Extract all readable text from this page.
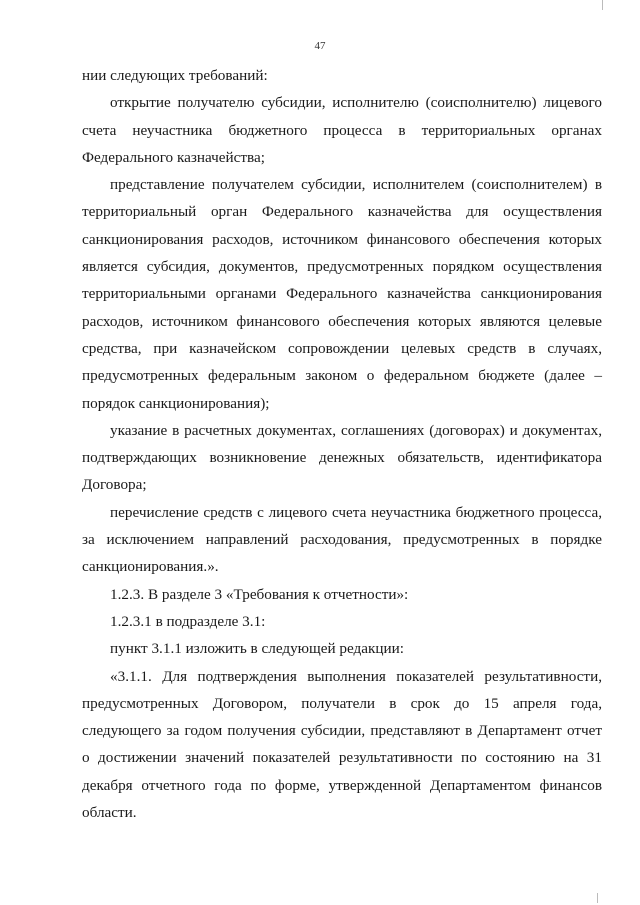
47

нии следующих требований:

открытие получателю субсидии, исполнителю (соисполнителю) лицевого счета неучастника бюджетного процесса в территориальных органах Федерального казначейства;

представление получателем субсидии, исполнителем (соисполнителем) в территориальный орган Федерального казначейства для осуществления санкционирования расходов, источником финансового обеспечения которых является субсидия, документов, предусмотренных порядком осуществления территориальными органами Федерального казначейства санкционирования расходов, источником финансового обеспечения которых являются целевые средства, при казначейском сопровождении целевых средств в случаях, предусмотренных федеральным законом о федеральном бюджете (далее – порядок санкционирования);

указание в расчетных документах, соглашениях (договорах) и документах, подтверждающих возникновение денежных обязательств, идентификатора Договора;

перечисление средств с лицевого счета неучастника бюджетного процесса, за исключением направлений расходования, предусмотренных в порядке санкционирования.».

1.2.3. В разделе 3 «Требования к отчетности»:

1.2.3.1 в подразделе 3.1:

пункт 3.1.1 изложить в следующей редакции:

«3.1.1. Для подтверждения выполнения показателей результативности, предусмотренных Договором, получатели в срок до 15 апреля года, следующего за годом получения субсидии, представляют в Департамент отчет о достижении значений показателей результативности по состоянию на 31 декабря отчетного года по форме, утвержденной Департаментом финансов области.
